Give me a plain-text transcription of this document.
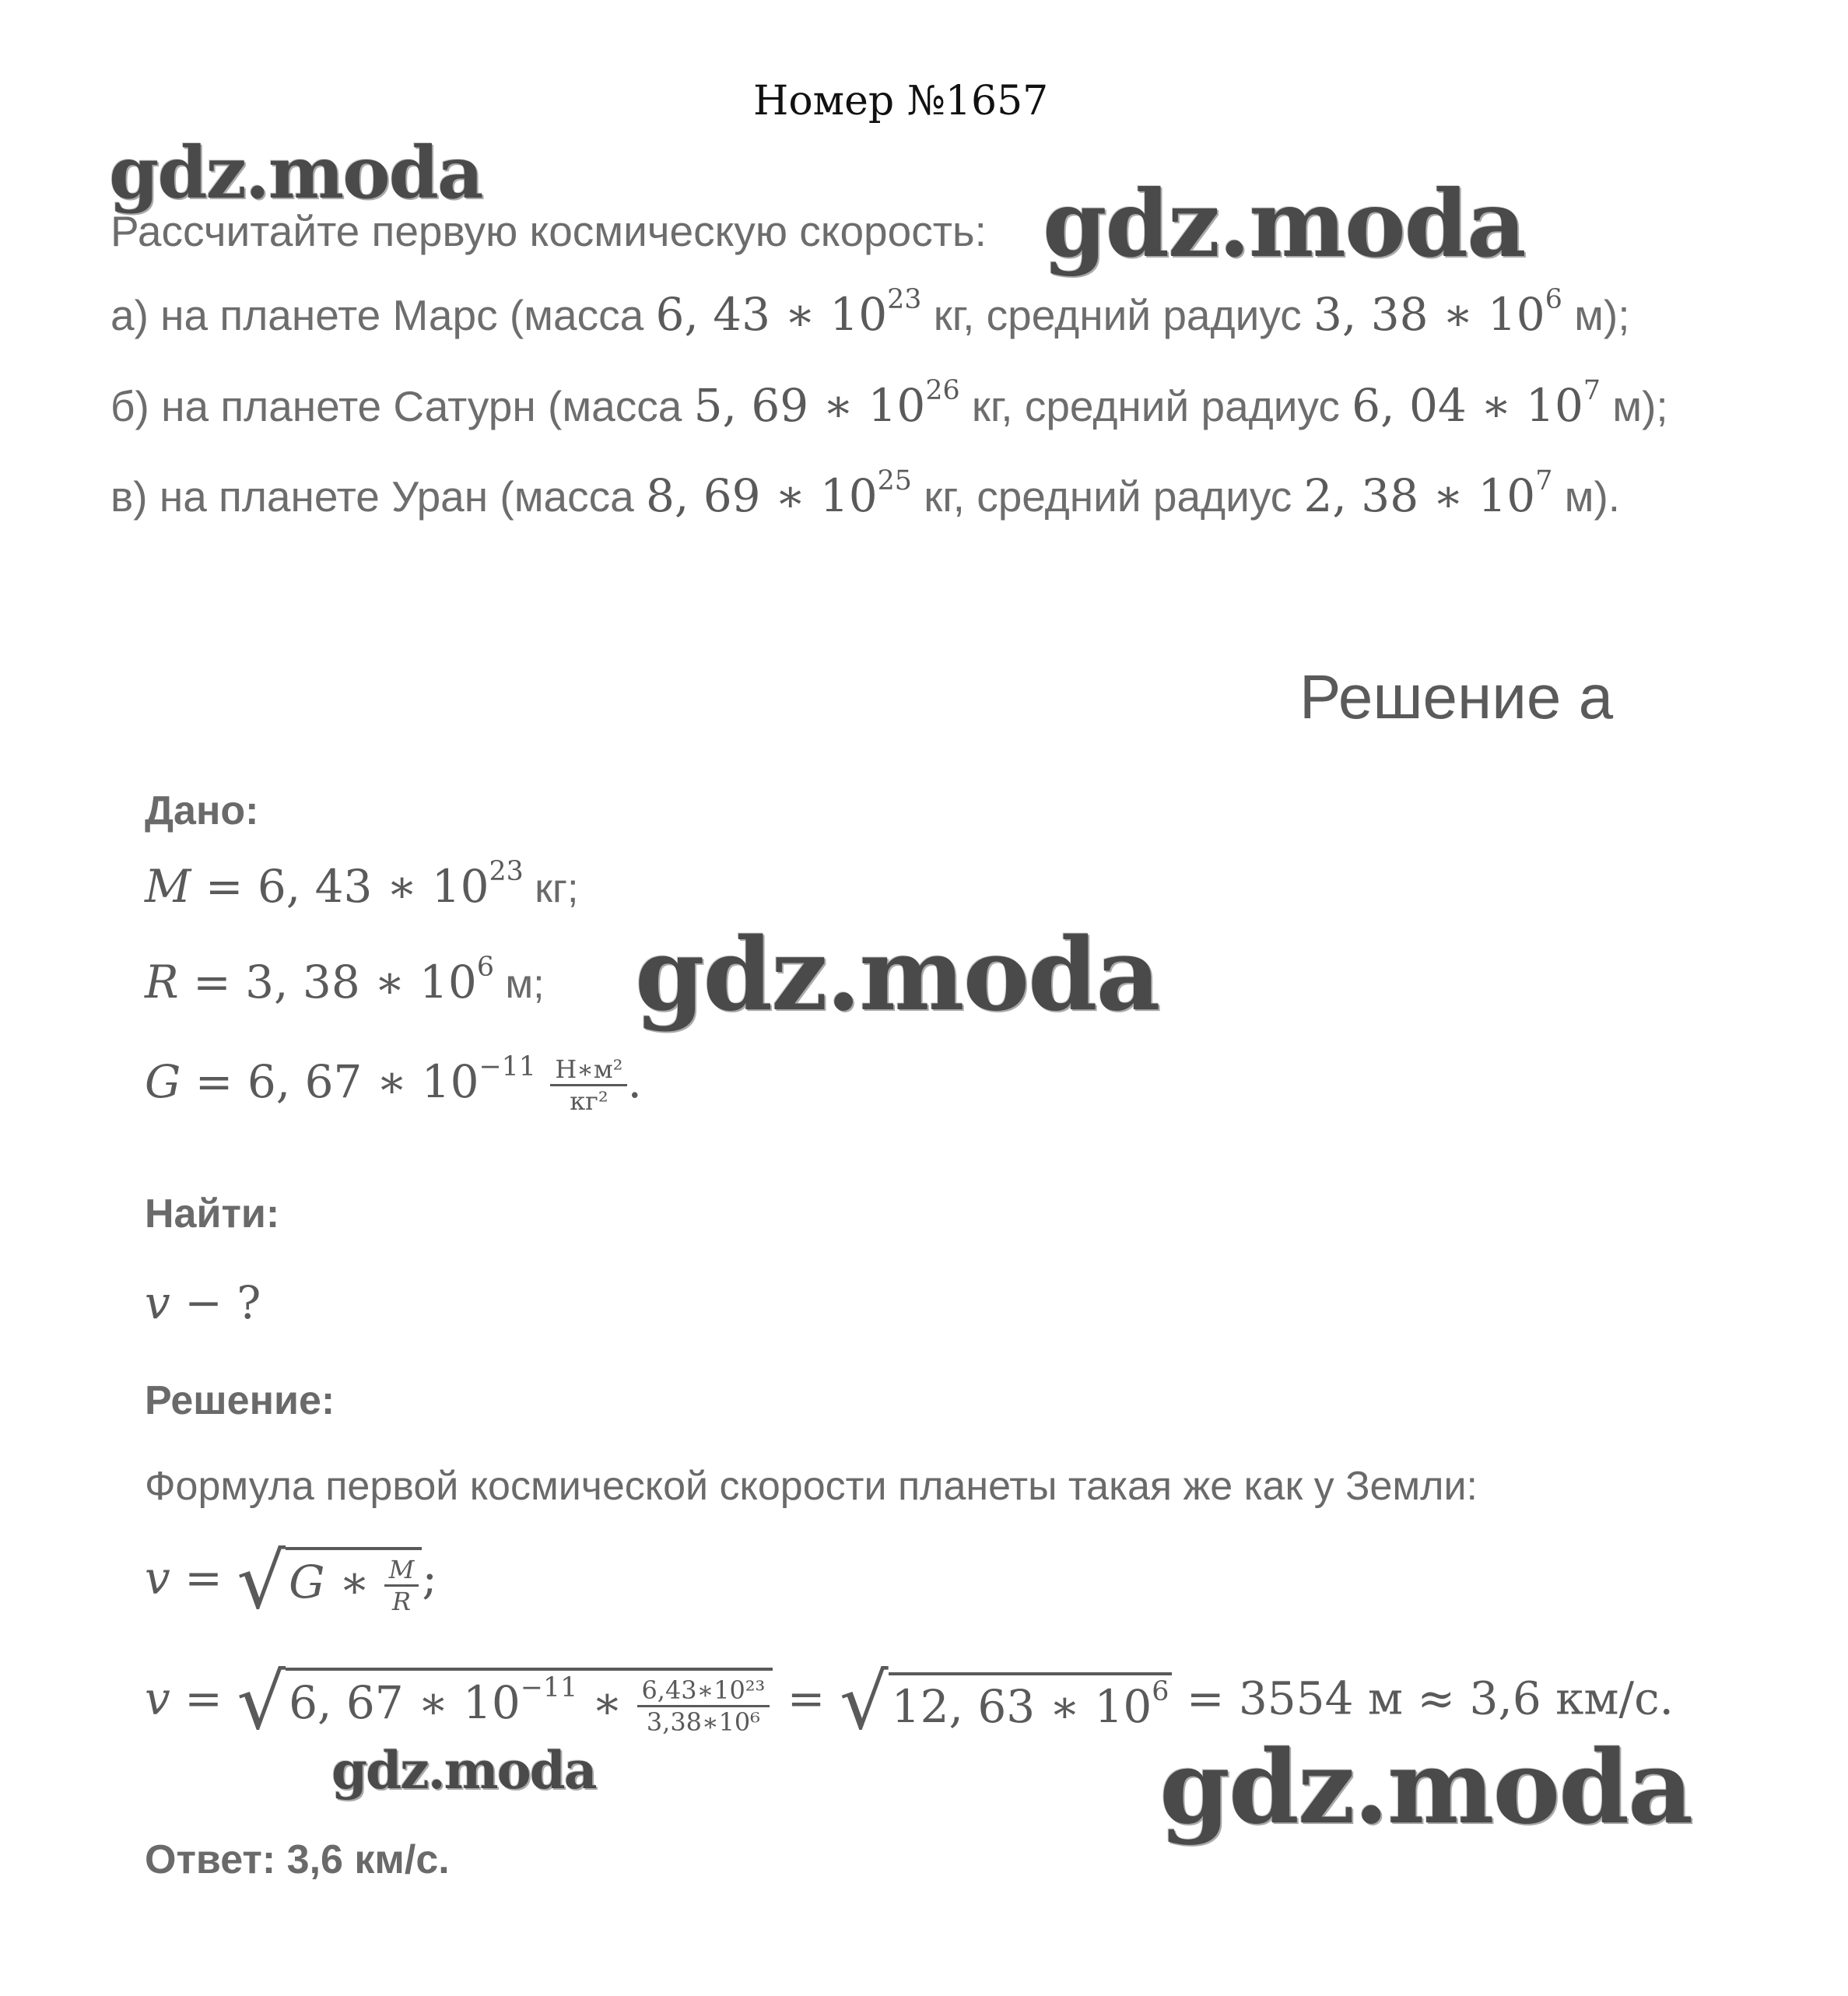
Номер №1657
gdz.moda	gdz.moda
gdz.moda
gdz.moda	gdz.moda
Рассчитайте первую космическую скорость:
а) на планете Марс (масса 6, 43 ∗ $10^{23}$ кг, средний радиус 3, 38 ∗ $10^6$ м);
б) на планете Сатурн (масса 5, 69 ∗ $10^{26}$ кг, средний радиус 6, 04 ∗ $10^7$ м);
в) на планете Уран (масса 8, 69 ∗ $10^{25}$ кг, средний радиус 2, 38 ∗ $10^7$ м).
Решение а
Дано:
M = 6, 43 ∗ $10^{23}$ кг;
R = 3, 38 ∗ $10^6$ м;
G = 6, 67 ∗ $10^{-11} \frac{\text{Н∗м²}}{\text{кг²}}$ .
Найти:
v − ?
Решение:
Формула первой космической скорости планеты такая же как у Земли:
v = √G ∗ $\frac{M}{R}$ ;
v = √6, 67 ∗ $10^{-11}$ ∗ $\frac{\text{6,43∗10²³}}{\text{3,38∗10⁶}} = √12$, 63 ∗ $10^6 = 3554$ м ≈ 3,6 км/с.
Ответ: 3,6 км/с.
